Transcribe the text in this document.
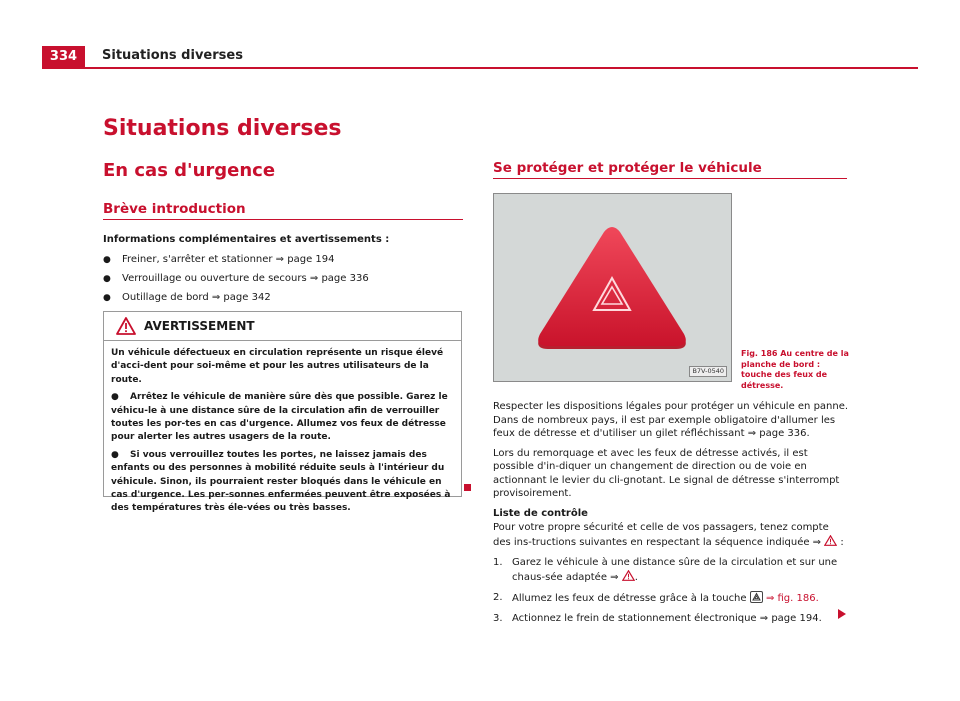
334	Situations diverses
Situations diverses
En cas d'urgence
Brève introduction
Informations complémentaires et avertissements :
● Freiner, s'arrêter et stationner ⇒ page 194
● Verrouillage ou ouverture de secours ⇒ page 336
● Outillage de bord ⇒ page 342
AVERTISSEMENT

Un véhicule défectueux en circulation représente un risque élevé d'acci-dent pour soi-même et pour les autres utilisateurs de la route.

● Arrêtez le véhicule de manière sûre dès que possible. Garez le véhicu-le à une distance sûre de la circulation afin de verrouiller toutes les por-tes en cas d'urgence. Allumez vos feux de détresse pour alerter les autres usagers de la route.

● Si vous verrouillez toutes les portes, ne laissez jamais des enfants ou des personnes à mobilité réduite seuls à l'intérieur du véhicule. Sinon, ils pourraient rester bloqués dans le véhicule en cas d'urgence. Les per-sonnes enfermées peuvent être exposées à des températures très éle-vées ou très basses.

Se protéger et protéger le véhicule
B7V-0540
Fig. 186 Au centre de la planche de bord : touche des feux de détresse.

Respecter les dispositions légales pour protéger un véhicule en panne. Dans de nombreux pays, il est par exemple obligatoire d'allumer les feux de détresse et d'utiliser un gilet réfléchissant ⇒ page 336.

Lors du remorquage et avec les feux de détresse activés, il est possible d'in-diquer un changement de direction ou de voie en actionnant le levier du cli-gnotant. Le signal de détresse s'interrompt provisoirement.

Liste de contrôle

Pour votre propre sécurité et celle de vos passagers, tenez compte des ins-tructions suivantes en respectant la séquence indiquée ⇒  :

1. Garez le véhicule à une distance sûre de la circulation et sur une chaus-sée adaptée ⇒ .
2. Allumez les feux de détresse grâce à la touche ⇒ fig. 186.
3. Actionnez le frein de stationnement électronique ⇒ page 194.
